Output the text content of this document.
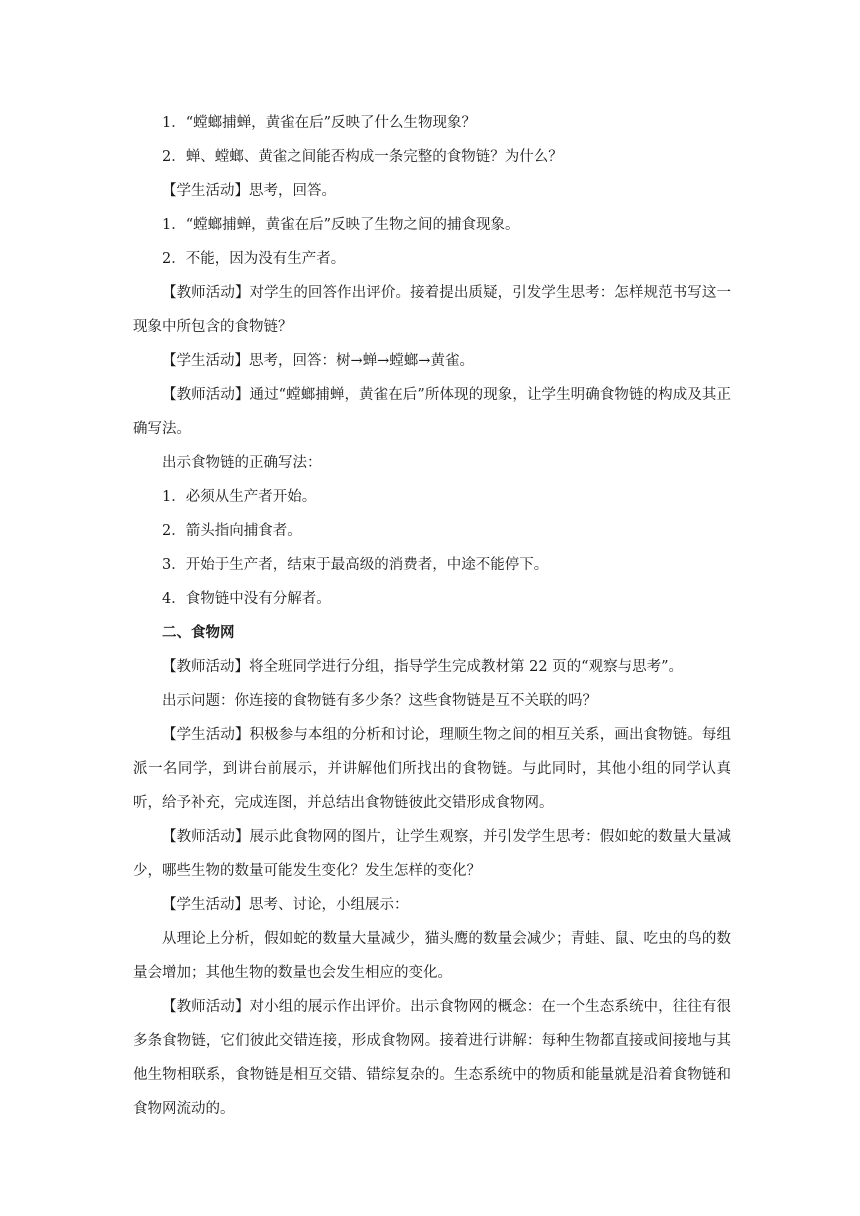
1．“螳螂捕蝉，黄雀在后”反映了什么生物现象？

2．蝉、螳螂、黄雀之间能否构成一条完整的食物链？为什么？

【学生活动】思考，回答。

1．“螳螂捕蝉，黄雀在后”反映了生物之间的捕食现象。

2．不能，因为没有生产者。

【教师活动】对学生的回答作出评价。接着提出质疑，引发学生思考：怎样规范书写这一现象中所包含的食物链？

【学生活动】思考，回答：树→蝉→螳螂→黄雀。

【教师活动】通过“螳螂捕蝉，黄雀在后”所体现的现象，让学生明确食物链的构成及其正确写法。

出示食物链的正确写法：

1．必须从生产者开始。

2．箭头指向捕食者。

3．开始于生产者，结束于最高级的消费者，中途不能停下。

4．食物链中没有分解者。

二、食物网

【教师活动】将全班同学进行分组，指导学生完成教材第 22 页的“观察与思考”。

出示问题：你连接的食物链有多少条？这些食物链是互不关联的吗？

【学生活动】积极参与本组的分析和讨论，理顺生物之间的相互关系，画出食物链。每组派一名同学，到讲台前展示，并讲解他们所找出的食物链。与此同时，其他小组的同学认真听，给予补充，完成连图，并总结出食物链彼此交错形成食物网。

【教师活动】展示此食物网的图片，让学生观察，并引发学生思考：假如蛇的数量大量减少，哪些生物的数量可能发生变化？发生怎样的变化？

【学生活动】思考、讨论，小组展示：

从理论上分析，假如蛇的数量大量减少，猫头鹰的数量会减少；青蛙、鼠、吃虫的鸟的数量会增加；其他生物的数量也会发生相应的变化。

【教师活动】对小组的展示作出评价。出示食物网的概念：在一个生态系统中，往往有很多条食物链，它们彼此交错连接，形成食物网。接着进行讲解：每种生物都直接或间接地与其他生物相联系，食物链是相互交错、错综复杂的。生态系统中的物质和能量就是沿着食物链和食物网流动的。
